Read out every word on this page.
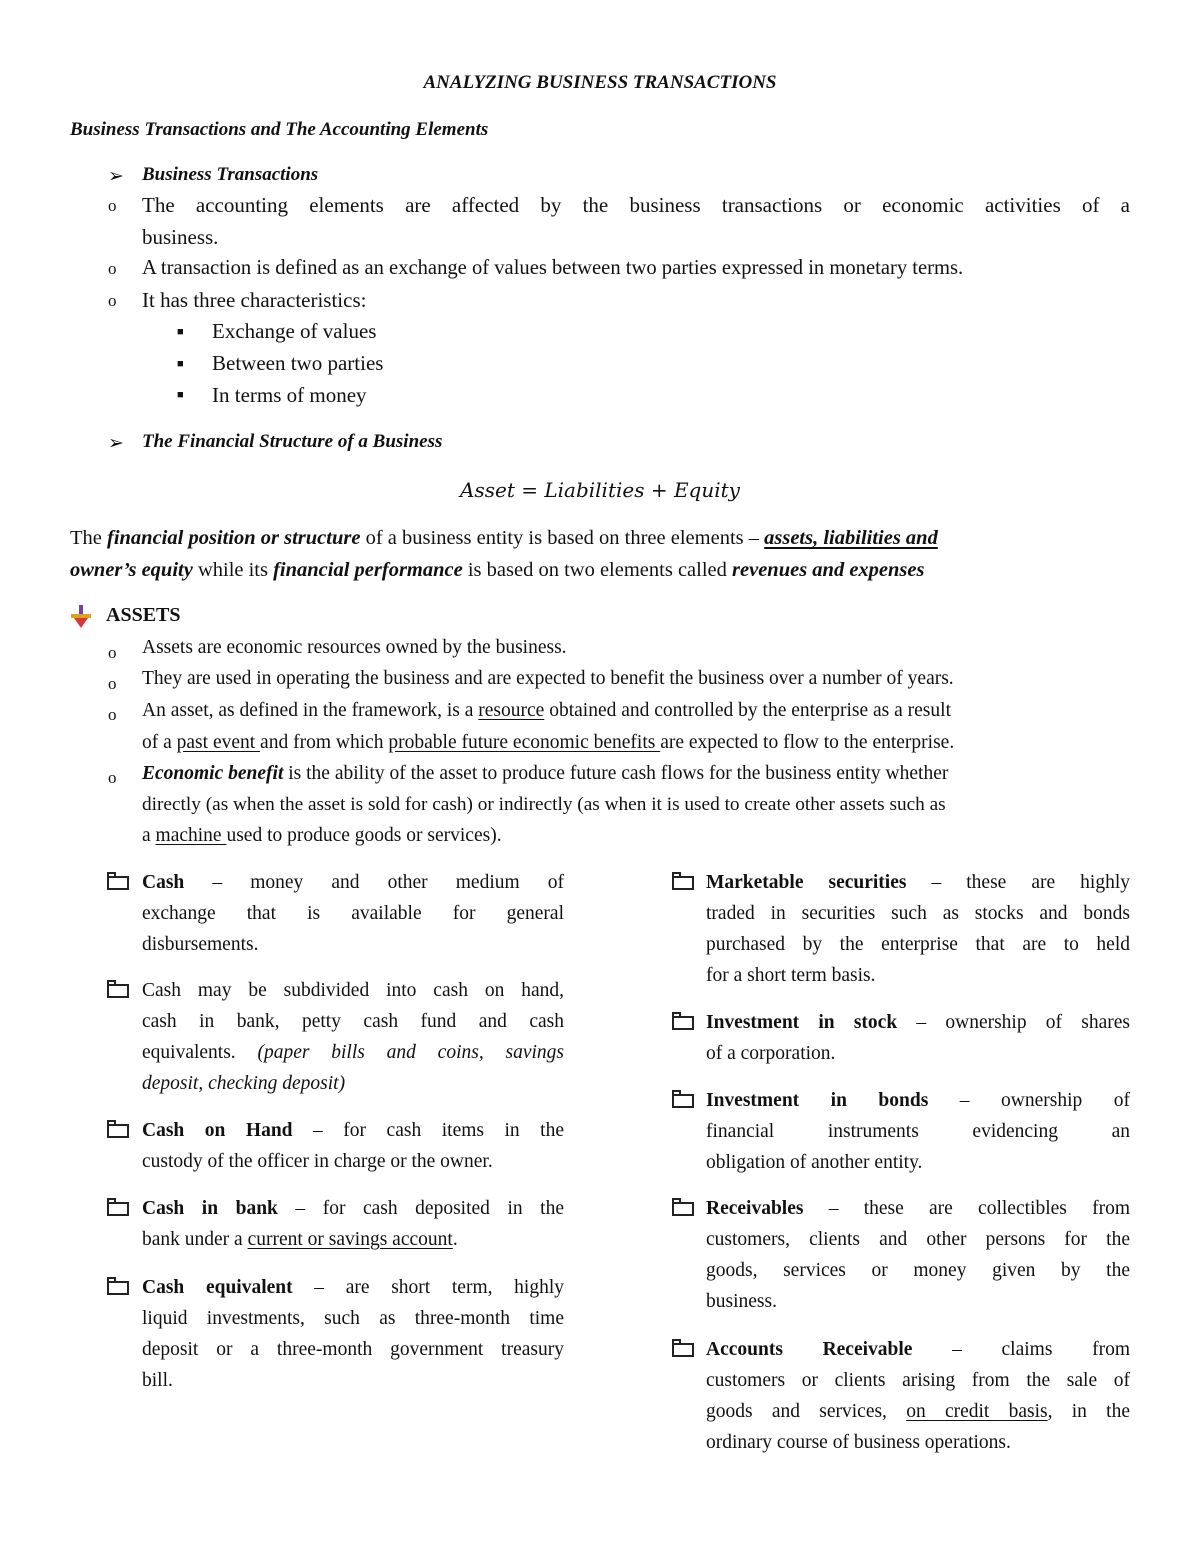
ANALYZING BUSINESS TRANSACTIONS
Business Transactions and The Accounting Elements
➢ Business Transactions
o The accounting elements are affected by the business transactions or economic activities of a
business.
o A transaction is defined as an exchange of values between two parties expressed in monetary terms.
o It has three characteristics:
■ Exchange of values
■ Between two parties
■ In terms of money
➢ The Financial Structure of a Business
Asset = Liabilities + Equity
The financial position or structure of a business entity is based on three elements – assets, liabilities and
owner’s equity while its financial performance is based on two elements called revenues and expenses
ASSETS
o Assets are economic resources owned by the business.
o They are used in operating the business and are expected to benefit the business over a number of years.
o An asset, as defined in the framework, is a resource obtained and controlled by the enterprise as a result
of a past event and from which probable future economic benefits are expected to flow to the enterprise.
o Economic benefit is the ability of the asset to produce future cash flows for the business entity whether
directly (as when the asset is sold for cash) or indirectly (as when it is used to create other assets such as
a machine used to produce goods or services).
Cash – money and other medium of
exchange that is available for general
disbursements.
Cash may be subdivided into cash on hand,
cash in bank, petty cash fund and cash
equivalents. (paper bills and coins, savings
deposit, checking deposit)
Cash on Hand – for cash items in the
custody of the officer in charge or the owner.
Cash in bank – for cash deposited in the
bank under a current or savings account.
Cash equivalent – are short term, highly
liquid investments, such as three-month time
deposit or a three-month government treasury
bill.
Marketable securities – these are highly
traded in securities such as stocks and bonds
purchased by the enterprise that are to held
for a short term basis.
Investment in stock – ownership of shares
of a corporation.
Investment in bonds – ownership of
financial instruments evidencing an
obligation of another entity.
Receivables – these are collectibles from
customers, clients and other persons for the
goods, services or money given by the
business.
Accounts Receivable – claims from
customers or clients arising from the sale of
goods and services, on credit basis, in the
ordinary course of business operations.
